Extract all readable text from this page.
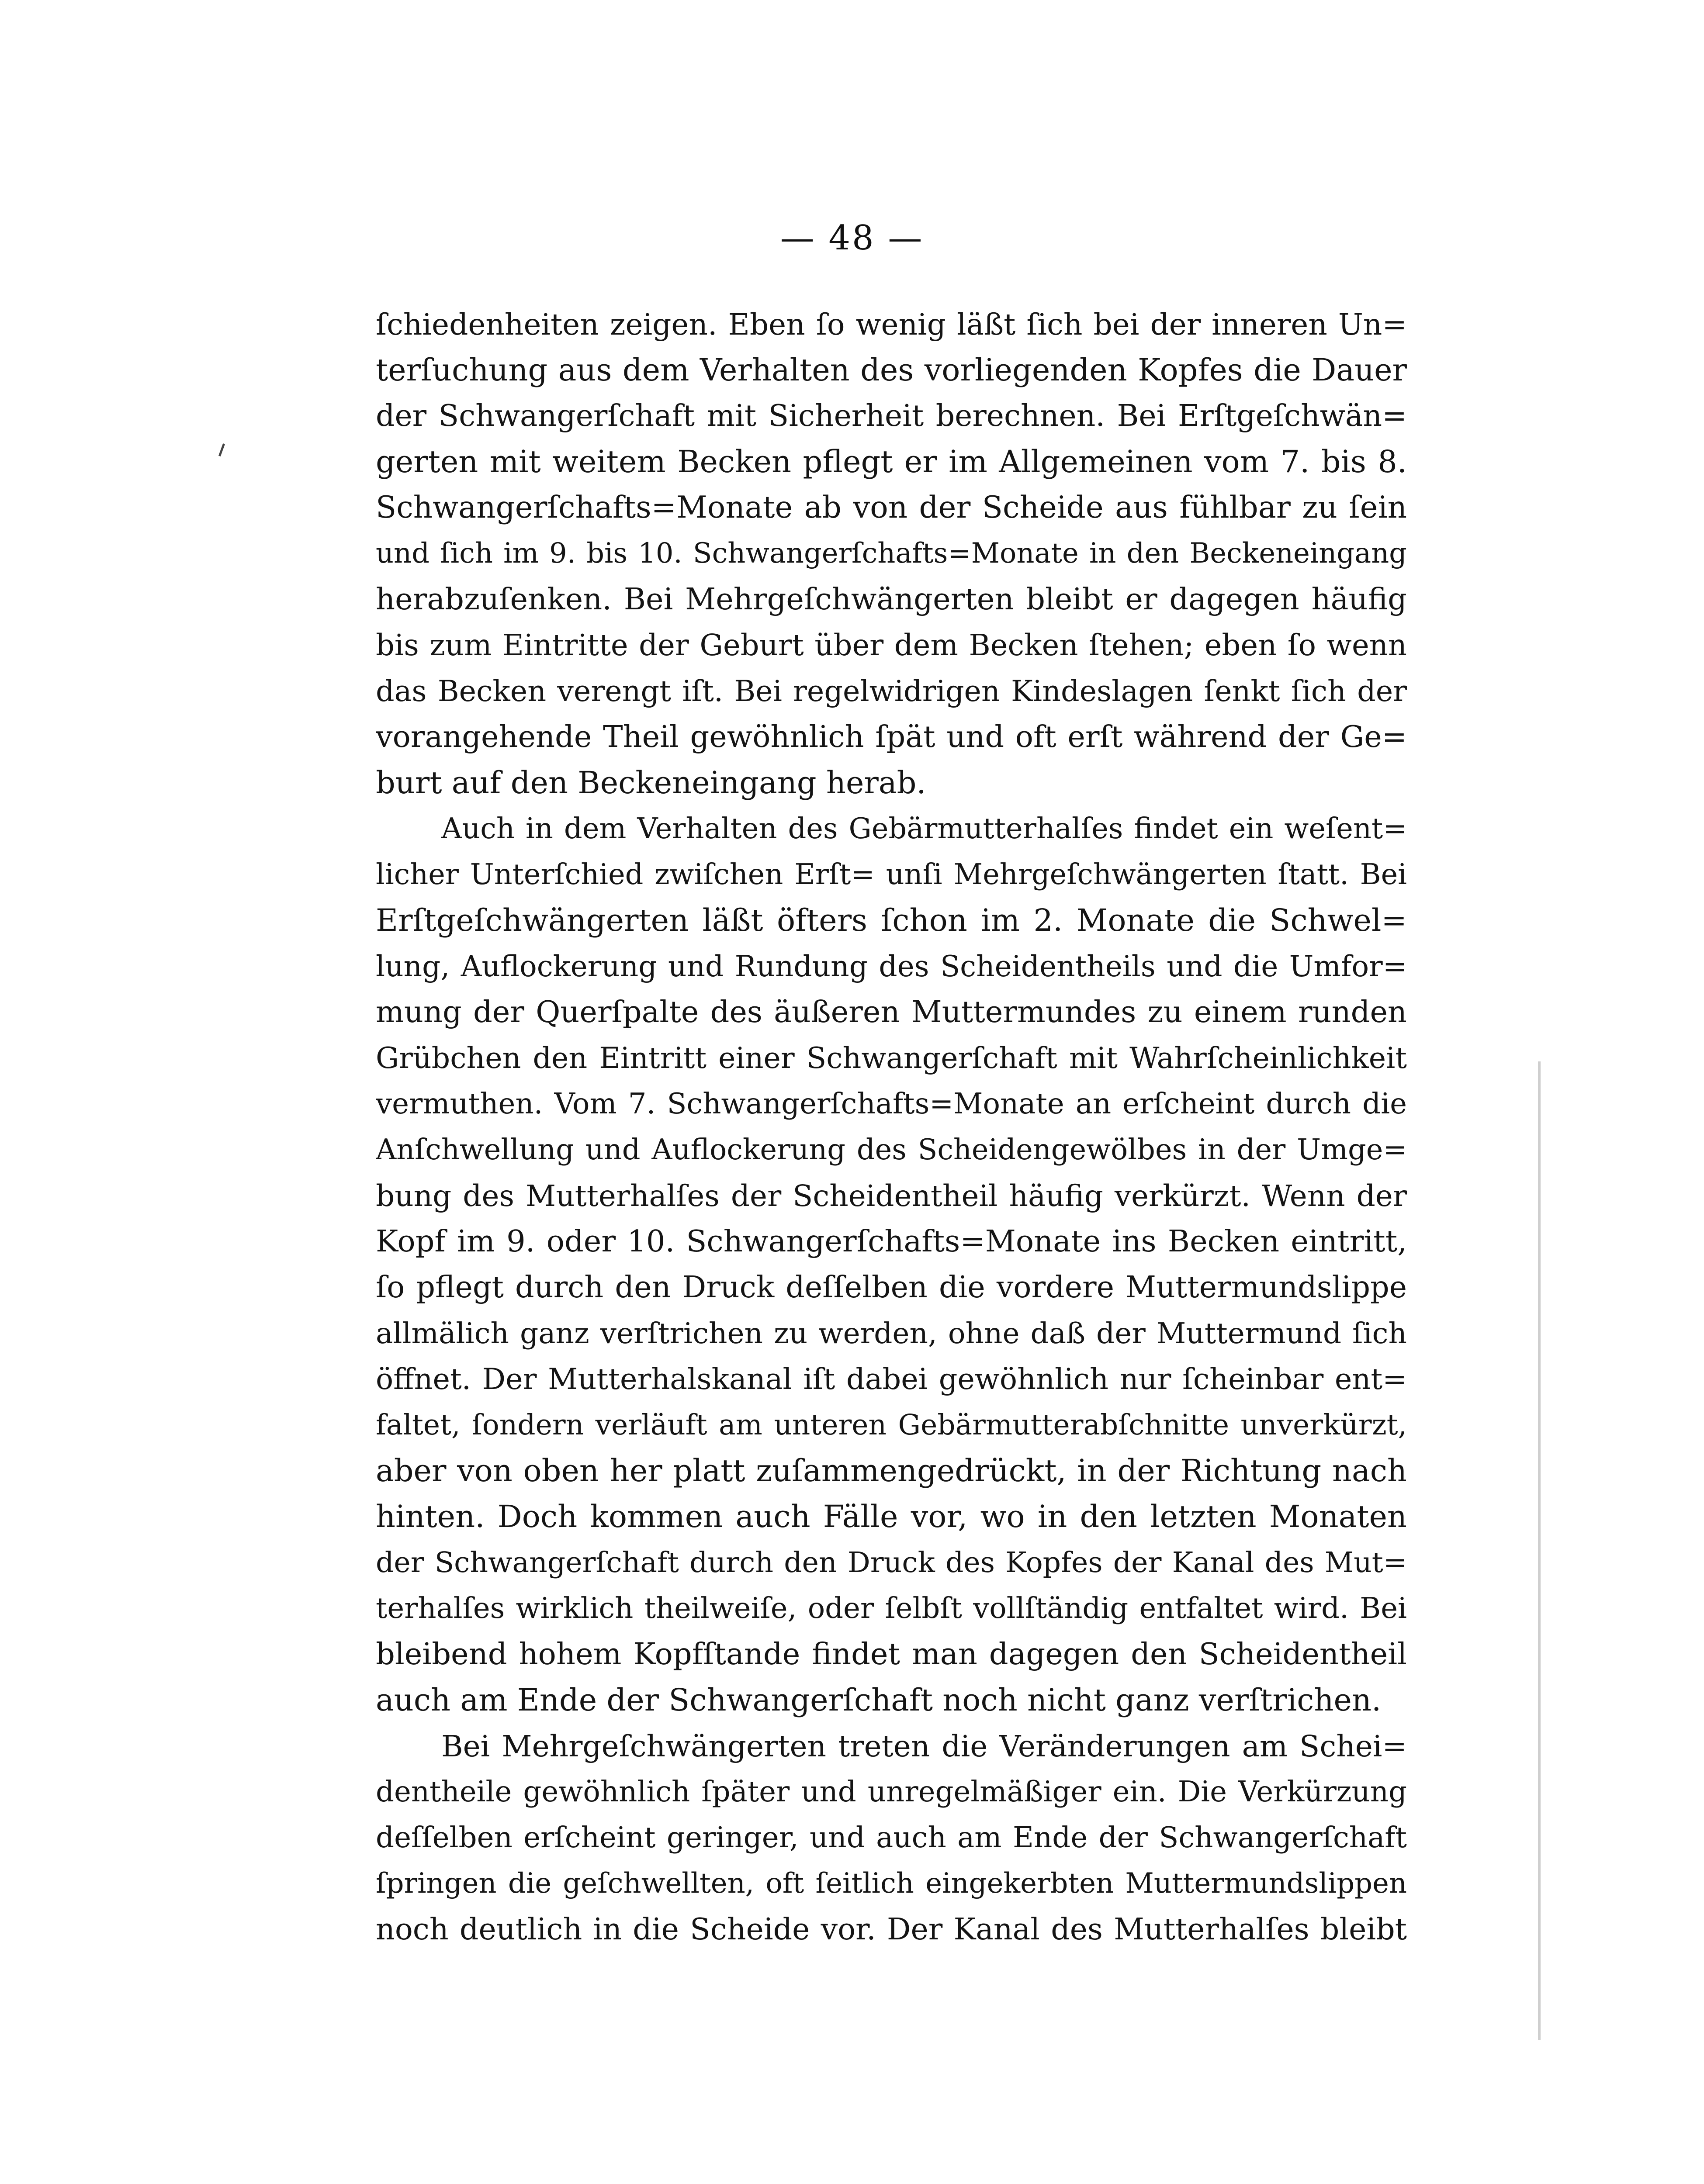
— 48 —
ſchiedenheiten zeigen. Eben ſo wenig läßt ſich bei der inneren Un=
terſuchung aus dem Verhalten des vorliegenden Kopfes die Dauer
der Schwangerſchaft mit Sicherheit berechnen. Bei Erſtgeſchwän=
gerten mit weitem Becken pflegt er im Allgemeinen vom 7. bis 8.
Schwangerſchafts=Monate ab von der Scheide aus fühlbar zu ſein
und ſich im 9. bis 10. Schwangerſchafts=Monate in den Beckeneingang
herabzuſenken. Bei Mehrgeſchwängerten bleibt er dagegen häufig
bis zum Eintritte der Geburt über dem Becken ſtehen; eben ſo wenn
das Becken verengt iſt. Bei regelwidrigen Kindeslagen ſenkt ſich der
vorangehende Theil gewöhnlich ſpät und oft erſt während der Ge=
burt auf den Beckeneingang herab.
Auch in dem Verhalten des Gebärmutterhalſes findet ein weſent=
licher Unterſchied zwiſchen Erſt= unſi Mehrgeſchwängerten ſtatt. Bei
Erſtgeſchwängerten läßt öfters ſchon im 2. Monate die Schwel=
lung, Auflockerung und Rundung des Scheidentheils und die Umfor=
mung der Querſpalte des äußeren Muttermundes zu einem runden
Grübchen den Eintritt einer Schwangerſchaft mit Wahrſcheinlichkeit
vermuthen. Vom 7. Schwangerſchafts=Monate an erſcheint durch die
Anſchwellung und Auflockerung des Scheidengewölbes in der Umge=
bung des Mutterhalſes der Scheidentheil häufig verkürzt. Wenn der
Kopf im 9. oder 10. Schwangerſchafts=Monate ins Becken eintritt,
ſo pflegt durch den Druck deſſelben die vordere Muttermundslippe
allmälich ganz verſtrichen zu werden, ohne daß der Muttermund ſich
öffnet. Der Mutterhalskanal iſt dabei gewöhnlich nur ſcheinbar ent=
faltet, ſondern verläuft am unteren Gebärmutterabſchnitte unverkürzt,
aber von oben her platt zuſammengedrückt, in der Richtung nach
hinten. Doch kommen auch Fälle vor, wo in den letzten Monaten
der Schwangerſchaft durch den Druck des Kopfes der Kanal des Mut=
terhalſes wirklich theilweiſe, oder ſelbſt vollſtändig entfaltet wird. Bei
bleibend hohem Kopfſtande findet man dagegen den Scheidentheil
auch am Ende der Schwangerſchaft noch nicht ganz verſtrichen.
Bei Mehrgeſchwängerten treten die Veränderungen am Schei=
dentheile gewöhnlich ſpäter und unregelmäßiger ein. Die Verkürzung
deſſelben erſcheint geringer, und auch am Ende der Schwangerſchaft
ſpringen die geſchwellten, oft ſeitlich eingekerbten Muttermundslippen
noch deutlich in die Scheide vor. Der Kanal des Mutterhalſes bleibt
